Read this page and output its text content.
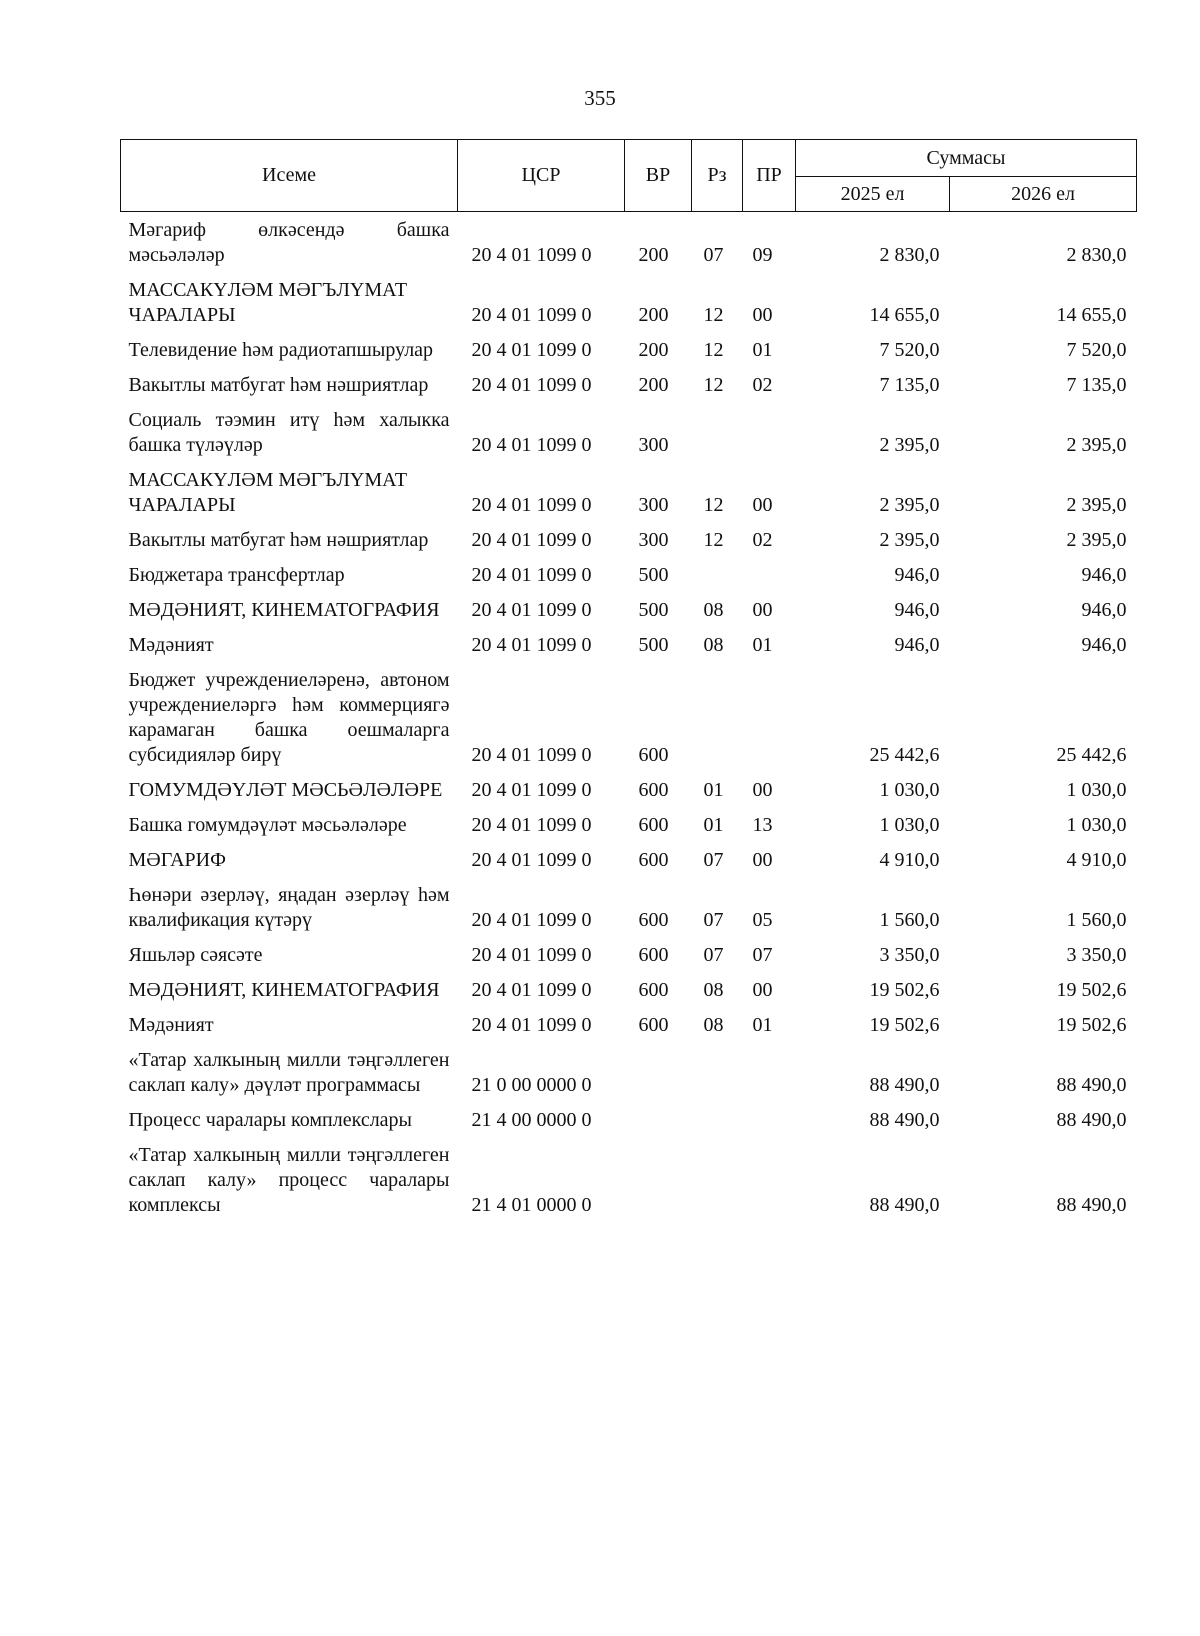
355
Исеме	ЦСР	ВР	Рз	ПР	Суммасы	
					2025 ел	2026 ел
Мәгариф өлкәсендә башка мәсьәләләр	20 4 01 1099 0	200	07	09	2 830,0	2 830,0
МАССАКҮЛӘМ МӘГЪЛҮМАТ ЧАРАЛАРЫ	20 4 01 1099 0	200	12	00	14 655,0	14 655,0
Телевидение һәм радиотапшырулар	20 4 01 1099 0	200	12	01	7 520,0	7 520,0
Вакытлы матбугат һәм нәшриятлар	20 4 01 1099 0	200	12	02	7 135,0	7 135,0
Социаль тәэмин итү һәм халыкка башка түләүләр	20 4 01 1099 0	300			2 395,0	2 395,0
МАССАКҮЛӘМ МӘГЪЛҮМАТ ЧАРАЛАРЫ	20 4 01 1099 0	300	12	00	2 395,0	2 395,0
Вакытлы матбугат һәм нәшриятлар	20 4 01 1099 0	300	12	02	2 395,0	2 395,0
Бюджетара трансфертлар	20 4 01 1099 0	500			946,0	946,0
МӘДӘНИЯТ, КИНЕМАТОГРАФИЯ	20 4 01 1099 0	500	08	00	946,0	946,0
Мәдәният	20 4 01 1099 0	500	08	01	946,0	946,0
Бюджет учреждениеләренә, автоном учреждениеләргә һәм коммерциягә карамаган башка оешмаларга субсидияләр бирү	20 4 01 1099 0	600			25 442,6	25 442,6
ГОМУМДӘҮЛӘТ МӘСЬӘЛӘЛӘРЕ	20 4 01 1099 0	600	01	00	1 030,0	1 030,0
Башка гомумдәүләт мәсьәләләре	20 4 01 1099 0	600	01	13	1 030,0	1 030,0
МӘГАРИФ	20 4 01 1099 0	600	07	00	4 910,0	4 910,0
Һөнәри әзерләү, яңадан әзерләү һәм квалификация күтәрү	20 4 01 1099 0	600	07	05	1 560,0	1 560,0
Яшьләр сәясәте	20 4 01 1099 0	600	07	07	3 350,0	3 350,0
МӘДӘНИЯТ, КИНЕМАТОГРАФИЯ	20 4 01 1099 0	600	08	00	19 502,6	19 502,6
Мәдәният	20 4 01 1099 0	600	08	01	19 502,6	19 502,6
«Татар халкының милли тәңгәллеген саклап калу» дәүләт программасы	21 0 00 0000 0				88 490,0	88 490,0
Процесс чаралары комплекслары	21 4 00 0000 0				88 490,0	88 490,0
«Татар халкының милли тәңгәллеген саклап калу» процесс чаралары комплексы	21 4 01 0000 0				88 490,0	88 490,0
